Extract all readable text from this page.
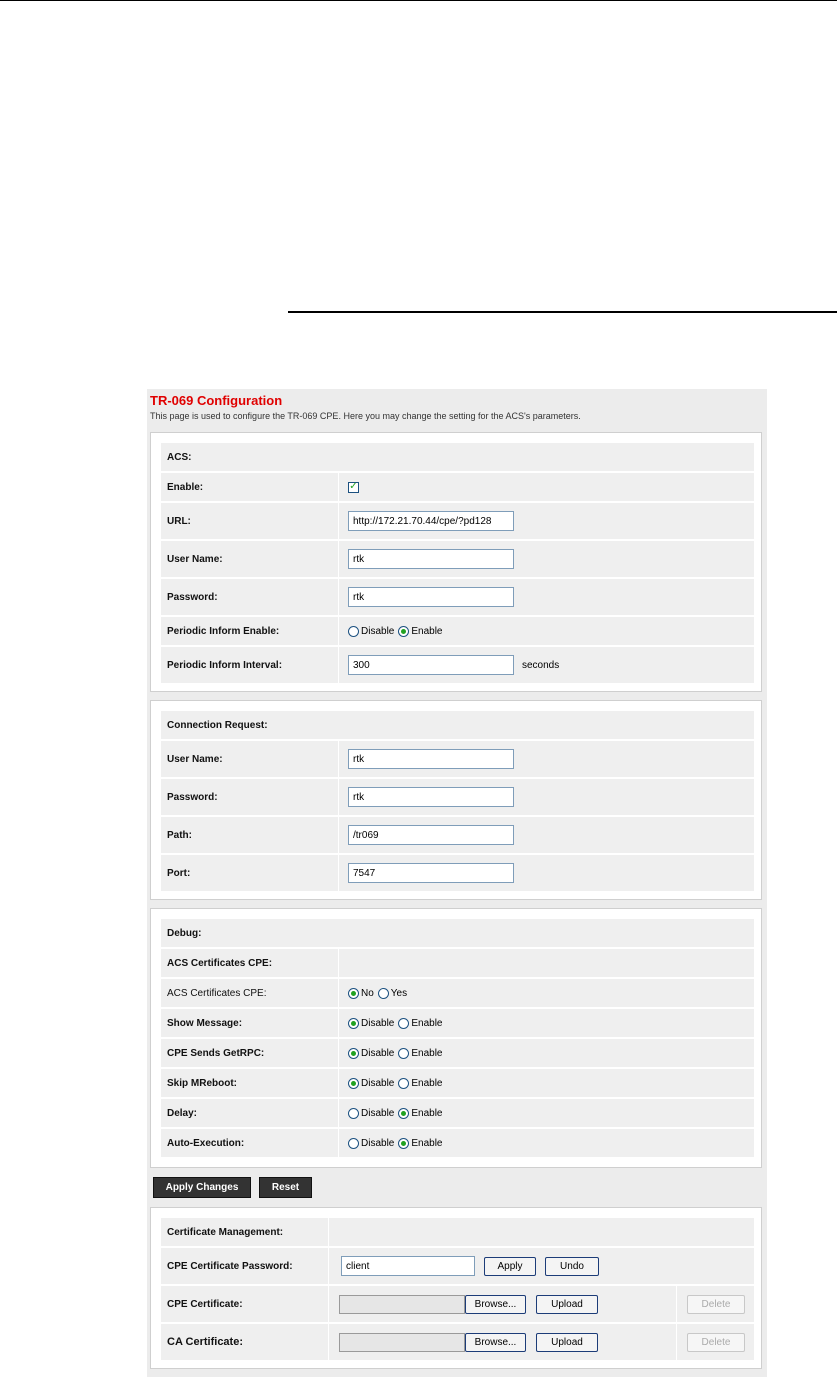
TR-069 Configuration

This page is used to configure the TR-069 CPE. Here you may change the setting for the ACS's parameters.

ACS:
Enable:	✓
URL:
http://172.21.70.44/cpe/?pd128
User Name:
rtk
Password:
rtk
Periodic Inform Enable:	Disable Enable
Periodic Inform Interval:
300	seconds
Connection Request:
User Name:
rtk
Password:
rtk
Path:
/tr069
Port:
7547
Debug:
ACS Certificates CPE:
ACS Certificates CPE:	No Yes
Show Message:	Disable Enable
CPE Sends GetRPC:	Disable Enable
Skip MReboot:	Disable Enable
Delay:	Disable Enable
Auto-Execution:	Disable Enable
Apply Changes	Reset
Certificate Management:
CPE Certificate Password:
client	Apply	Undo
CPE Certificate:	Browse...	Upload	Delete
CA Certificate:	Browse...	Upload	Delete
